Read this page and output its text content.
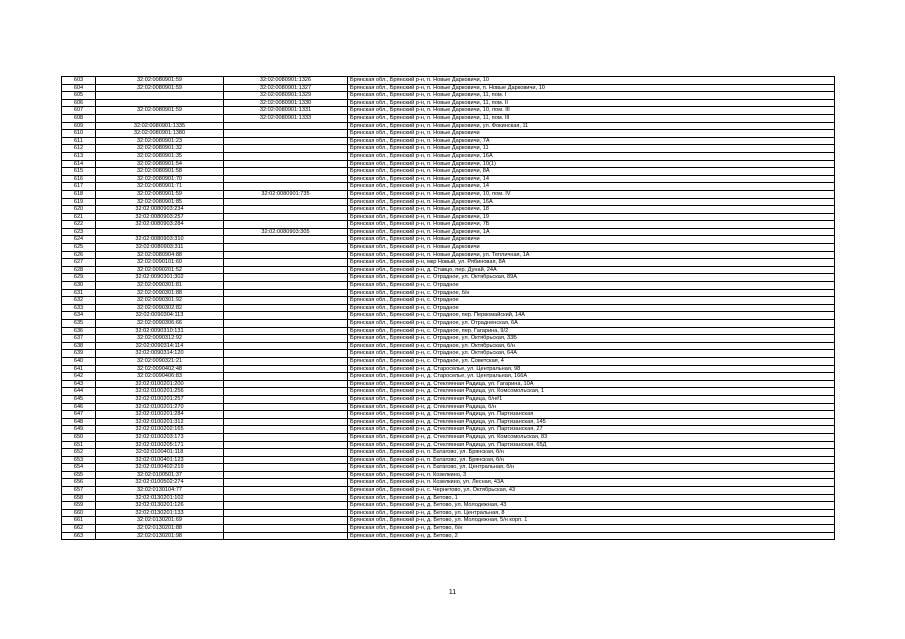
603	32:02:0080901:59	32:02:0080901:1326	Брянская обл., Брянский р-н, п. Новые Дарковичи, 10
604	32:02:0080901:59	32:02:0080901:1327	Брянская обл., Брянский р-н, п. Новые Дарковичи, п. Новые Дарковичи, 10
605		32:02:0080901:1329	Брянская обл., Брянский р-н, п. Новые Дарковичи, 11, пом. I
606		32:02:0080901:1330	Брянская обл., Брянский р-н, п. Новые Дарковичи, 11, пом. II
607	32:02:0080901:59	32:02:0080901:1331	Брянская обл., Брянский р-н, п. Новые Дарковичи, 10, пом. III
608		32:02:0080901:1333	Брянская обл., Брянский р-н, п. Новые Дарковичи, 11, пом. III
609	32:02:0080901:1335		Брянская обл., Брянский р-н, п. Новые Дарковичи, ул. Фокинская, 11
610	32:02:0080901:1380		Брянская обл., Брянский р-н, п. Новые Дарковичи
611	32:02:0080901:23		Брянская обл., Брянский р-н, п. Новые Дарковичи, 7А
612	32:02:0080901:32		Брянская обл., Брянский р-н, п. Новые Дарковичи, 11
613	32:02:0080901:35		Брянская обл., Брянский р-н, п. Новые Дарковичи, 16А
614	32:02:0080901:54		Брянская обл., Брянский р-н, п. Новые Дарковичи, 10(1)
615	32:02:0080901:58		Брянская обл., Брянский р-н, п. Новые Дарковичи, 8А
616	32:02:0080901:70		Брянская обл., Брянский р-н, п. Новые Дарковичи, 14
617	32:02:0080901:71		Брянская обл., Брянский р-н, п. Новые Дарковичи, 14
618	32:02:0080901:59	32:02:0080901:735	Брянская обл., Брянский р-н, п. Новые Дарковичи, 10, пом. IV
619	32:02:0080901:85		Брянская обл., Брянский р-н, п. Новые Дарковичи, 16А
620	32:02:0080903:234		Брянская обл., Брянский р-н, п. Новые Дарковичи, 18
621	32:02:0080903:257		Брянская обл., Брянский р-н, п. Новые Дарковичи, 19
622	32:02:0080903:284		Брянская обл., Брянский р-н, п. Новые Дарковичи, 7Б
623		32:02:0080903:305	Брянская обл., Брянский р-н, п. Новые Дарковичи, 1А
624	32:02:0080903:310		Брянская обл., Брянский р-н, п. Новые Дарковичи
625	32:02:0080903:311		Брянская обл., Брянский р-н, п. Новые Дарковичи
626	32:02:0080904:88		Брянская обл., Брянский р-н, п. Новые Дарковичи, ул. Тепличная, 1А
627	32:02:0090101:60		Брянская обл., Брянский р-н, мкр Новый, ул. Рябиновая, 8А
628	32:02:0090201:52		Брянская обл., Брянский р-н, д. Ставцо, пер. Дунай, 24А
629	32:02:0090301:302		Брянская обл., Брянский р-н, с. Отрадное, ул. Октябрьская, 89А
630	32:02:0090301:81		Брянская обл., Брянский р-н, с. Отрадное
631	32:02:0090301:88		Брянская обл., Брянский р-н, с. Отрадное, б/н
632	32:02:0090301:92		Брянская обл., Брянский р-н, с. Отрадное
633	32:02:0090302:82		Брянская обл., Брянский р-н, с. Отрадное
634	32:02:0090304:113		Брянская обл., Брянский р-н, с. Отрадное, пер. Первомайский, 14А
635	32:02:0090306:66		Брянская обл., Брянский р-н, с. Отрадное, ул. Отрадненская, 6А
636	32:02:0090310:131		Брянская обл., Брянский р-н, с. Отрадное, пер. Гагарина, 9/2
637	32:02:0090312:92		Брянская обл., Брянский р-н, с. Отрадное, ул. Октябрьская, 33Б
638	32:02:0090314:114		Брянская обл., Брянский р-н, с. Отрадное, ул. Октябрьская, б/н
639	32:02:0090314:120		Брянская обл., Брянский р-н, с. Отрадное, ул. Октябрьская, 64А
640	32:02:0090321:21		Брянская обл., Брянский р-н, с. Отрадное, ул. Советская, 4
641	32:02:0090402:48		Брянская обл., Брянский р-н, д. Староселье, ул. Центральная, 98
642	32:02:0090406:83		Брянская обл., Брянский р-н, д. Староселье, ул. Центральная, 166А
643	32:02:0100201:200		Брянская обл., Брянский р-н, д. Стеклянная Радица, ул. Гагарина, 10А
644	32:02:0100201:256		Брянская обл., Брянский р-н, д. Стеклянная Радица, ул. Комсомольская, 1
645	32:02:0100201:257		Брянская обл., Брянский р-н, д. Стеклянная Радица, б/н#1
646	32:02:0100201:270		Брянская обл., Брянский р-н, д. Стеклянная Радица, б/н
647	32:02:0100201:284		Брянская обл., Брянский р-н, д. Стеклянная Радица, ул. Партизанская
648	32:02:0100201:312		Брянская обл., Брянский р-н, д. Стеклянная Радица, ул. Партизанская, 145
649	32:02:0100202:165		Брянская обл., Брянский р-н, д. Стеклянная Радица, ул. Партизанская, 27
650	32:02:0100203:173		Брянская обл., Брянский р-н, д. Стеклянная Радица, ул. Комсомольская, 83
651	32:02:0100205:171		Брянская обл., Брянский р-н, д. Стеклянная Радица, ул. Партизанская, 65Д
652	32:02:0100401:118		Брянская обл., Брянский р-н, п. Батагово, ул. Брянская, б/н
653	32:02:0100401:123		Брянская обл., Брянский р-н, п. Батагово, ул. Брянская, б/н
654	32:02:0100402:219		Брянская обл., Брянский р-н, п. Батагово, ул. Центральная, б/н
655	32:02:0100501:37		Брянская обл., Брянский р-н, п. Козелкино, 3
656	32:02:0100502:274		Брянская обл., Брянский р-н, п. Козелкино, ул. Лесная, 43А
657	32:02:0130104:77		Брянская обл., Брянский р-н, с. Чернетово, ул. Октябрьская, 43
658	32:02:0130201:102		Брянская обл., Брянский р-н, д. Бетово, 1
659	32:02:0130201:126		Брянская обл., Брянский р-н, д. Бетово, ул. Молодежная, 43
660	32:02:0130201:133		Брянская обл., Брянский р-н, д. Бетово, ул. Центральная, 8
661	32:02:0130201:69		Брянская обл., Брянский р-н, д. Бетово, ул. Молодежная, 5/н корп. 1
662	32:02:0130201:88		Брянская обл., Брянский р-н, д. Бетово, б/н
663	32:02:0130201:98		Брянская обл., Брянский р-н, д. Бетово, 2
11
